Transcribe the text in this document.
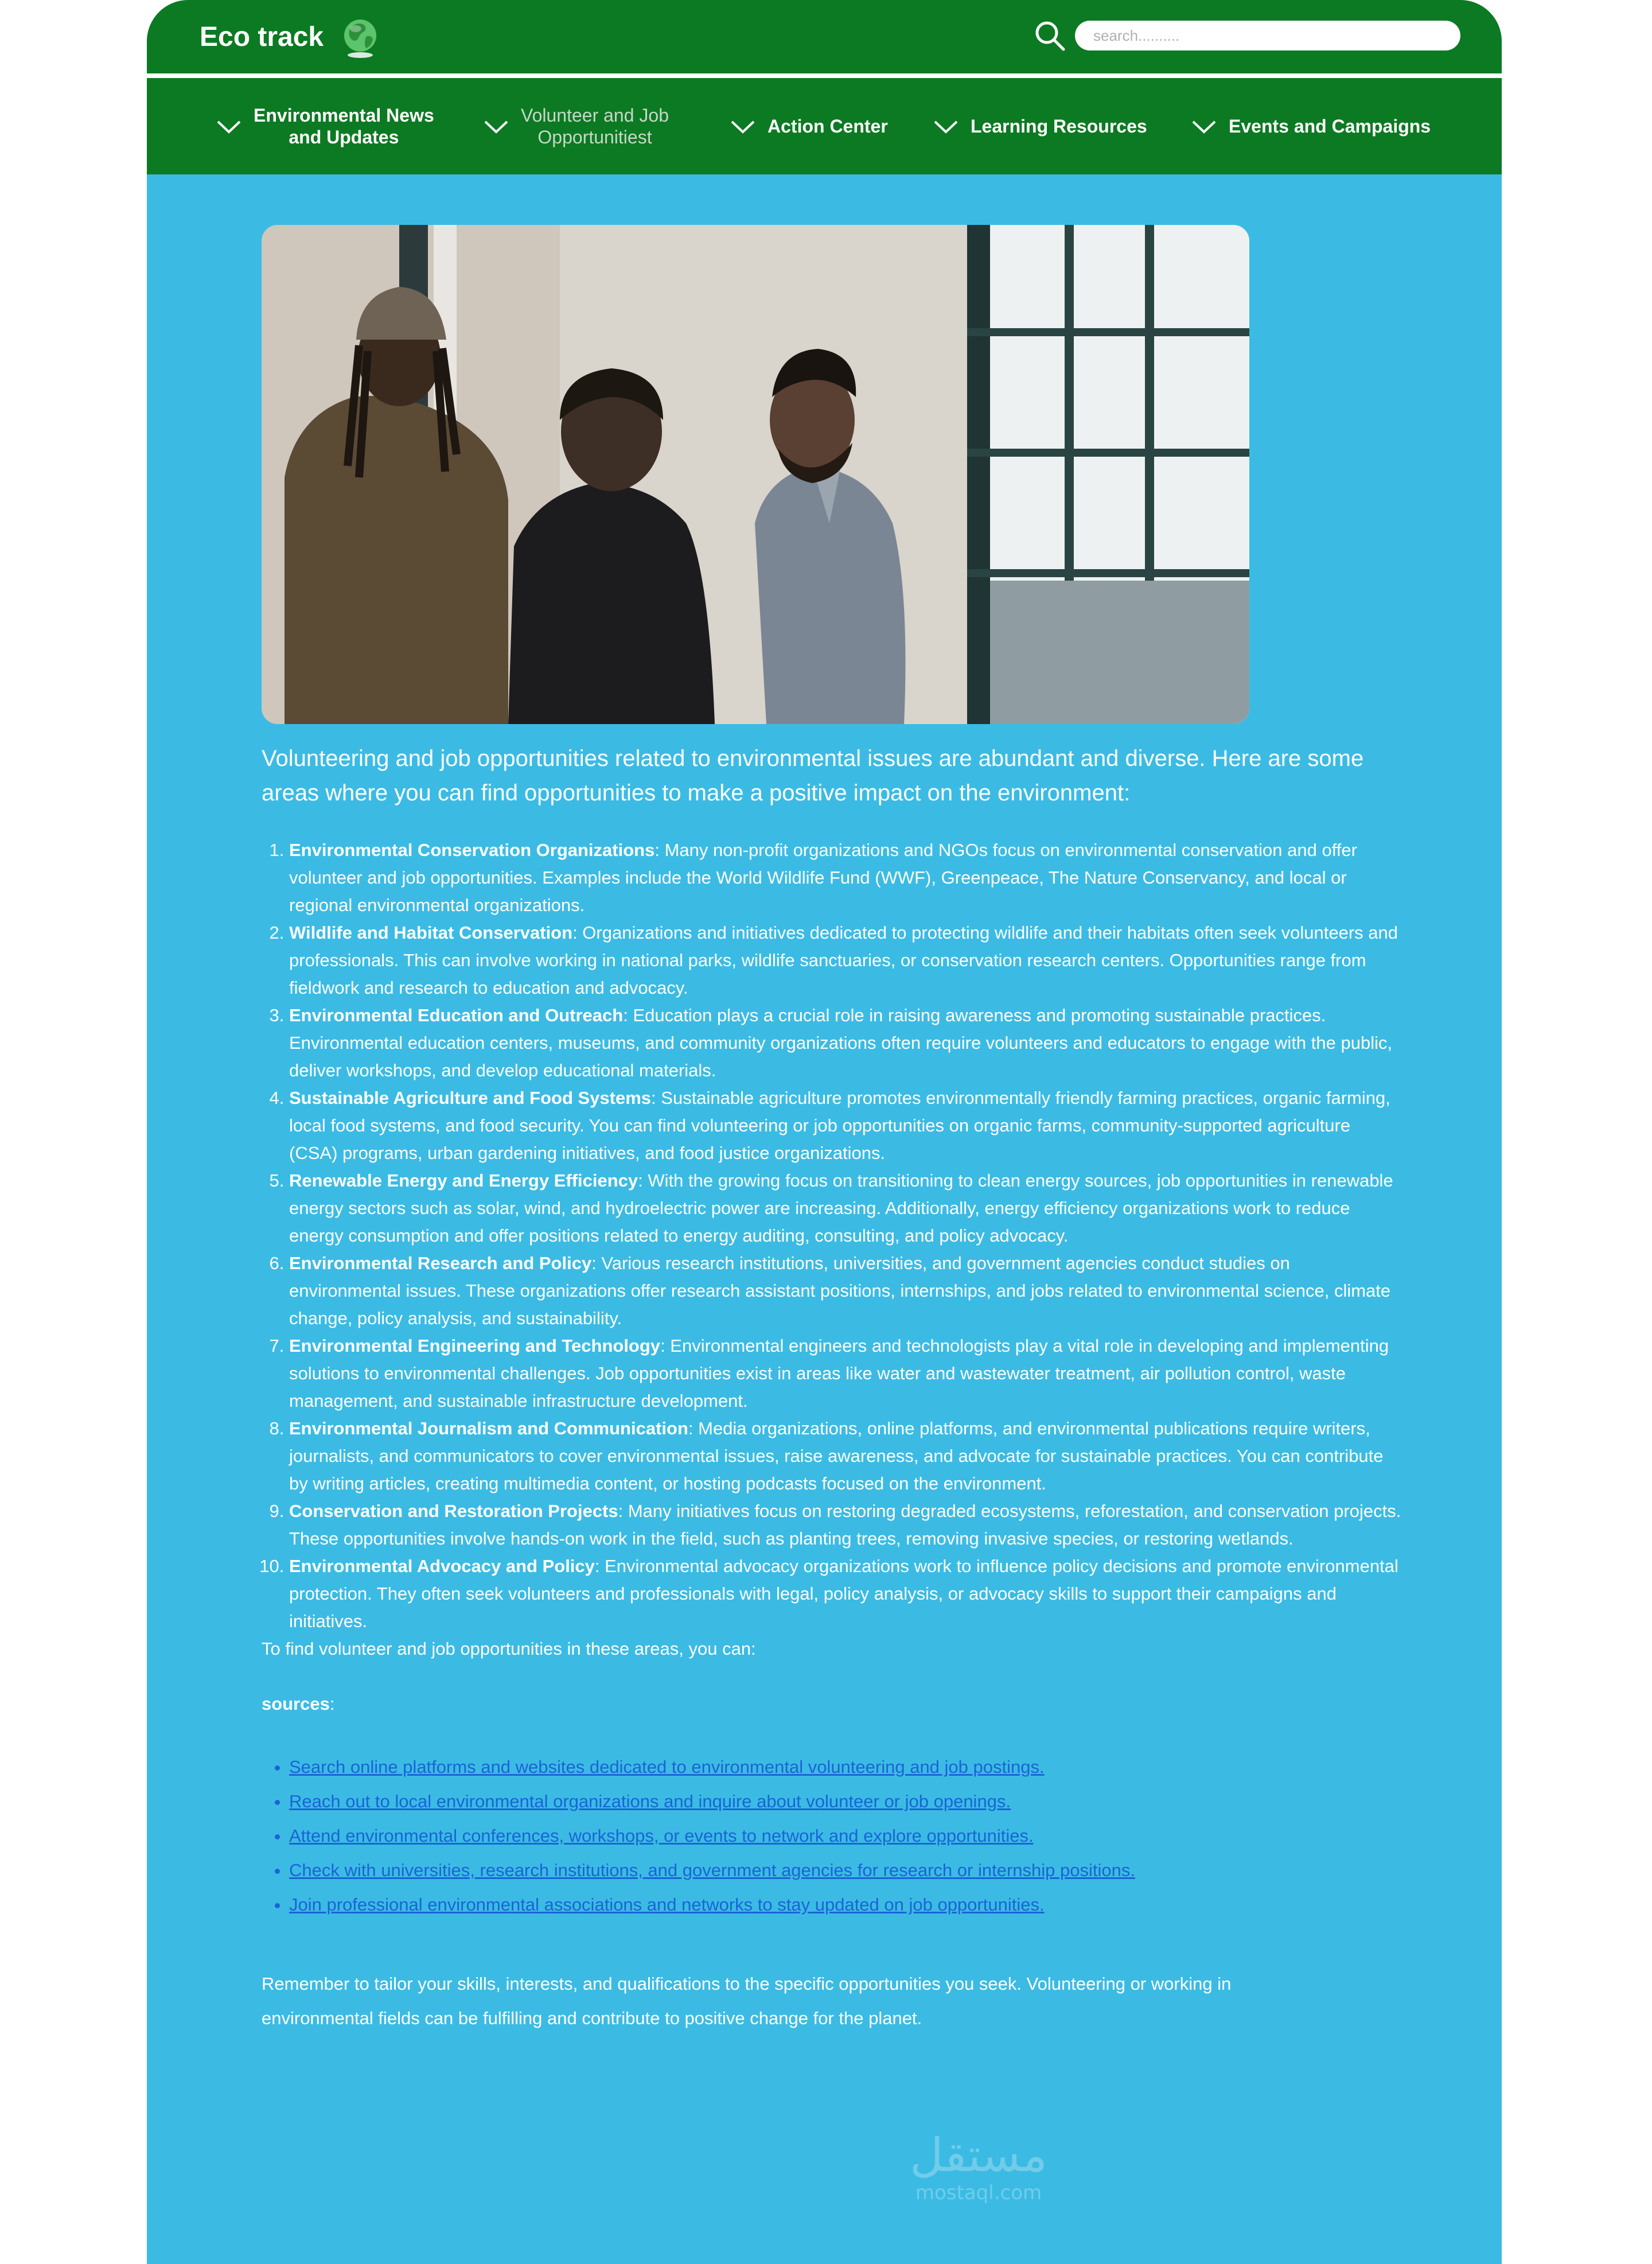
Eco track
search..........
Environmental News
and Updates
Volunteer and Job
Opportunitiest
Action Center	Learning Resources	Events and Campaigns

Volunteering and job opportunities related to environmental issues are abundant and diverse. Here are some areas where you can find opportunities to make a positive impact on the environment:

1. Environmental Conservation Organizations: Many non-profit organizations and NGOs focus on environmental conservation and offer volunteer and job opportunities. Examples include the World Wildlife Fund (WWF), Greenpeace, The Nature Conservancy, and local or regional environmental organizations.
2. Wildlife and Habitat Conservation: Organizations and initiatives dedicated to protecting wildlife and their habitats often seek volunteers and professionals. This can involve working in national parks, wildlife sanctuaries, or conservation research centers. Opportunities range from fieldwork and research to education and advocacy.
3. Environmental Education and Outreach: Education plays a crucial role in raising awareness and promoting sustainable practices. Environmental education centers, museums, and community organizations often require volunteers and educators to engage with the public, deliver workshops, and develop educational materials.
4. Sustainable Agriculture and Food Systems: Sustainable agriculture promotes environmentally friendly farming practices, organic farming, local food systems, and food security. You can find volunteering or job opportunities on organic farms, community-supported agriculture (CSA) programs, urban gardening initiatives, and food justice organizations.
5. Renewable Energy and Energy Efficiency: With the growing focus on transitioning to clean energy sources, job opportunities in renewable energy sectors such as solar, wind, and hydroelectric power are increasing. Additionally, energy efficiency organizations work to reduce energy consumption and offer positions related to energy auditing, consulting, and policy advocacy.
6. Environmental Research and Policy: Various research institutions, universities, and government agencies conduct studies on environmental issues. These organizations offer research assistant positions, internships, and jobs related to environmental science, climate change, policy analysis, and sustainability.
7. Environmental Engineering and Technology: Environmental engineers and technologists play a vital role in developing and implementing solutions to environmental challenges. Job opportunities exist in areas like water and wastewater treatment, air pollution control, waste management, and sustainable infrastructure development.
8. Environmental Journalism and Communication: Media organizations, online platforms, and environmental publications require writers, journalists, and communicators to cover environmental issues, raise awareness, and advocate for sustainable practices. You can contribute by writing articles, creating multimedia content, or hosting podcasts focused on the environment.
9. Conservation and Restoration Projects: Many initiatives focus on restoring degraded ecosystems, reforestation, and conservation projects. These opportunities involve hands-on work in the field, such as planting trees, removing invasive species, or restoring wetlands.
10. Environmental Advocacy and Policy: Environmental advocacy organizations work to influence policy decisions and promote environmental protection. They often seek volunteers and professionals with legal, policy analysis, or advocacy skills to support their campaigns and initiatives.

To find volunteer and job opportunities in these areas, you can:

sources:

• Search online platforms and websites dedicated to environmental volunteering and job postings.
• Reach out to local environmental organizations and inquire about volunteer or job openings.
• Attend environmental conferences, workshops, or events to network and explore opportunities.
• Check with universities, research institutions, and government agencies for research or internship positions.
• Join professional environmental associations and networks to stay updated on job opportunities.

Remember to tailor your skills, interests, and qualifications to the specific opportunities you seek. Volunteering or working in environmental fields can be fulfilling and contribute to positive change for the planet.

مستقل
mostaql.com
